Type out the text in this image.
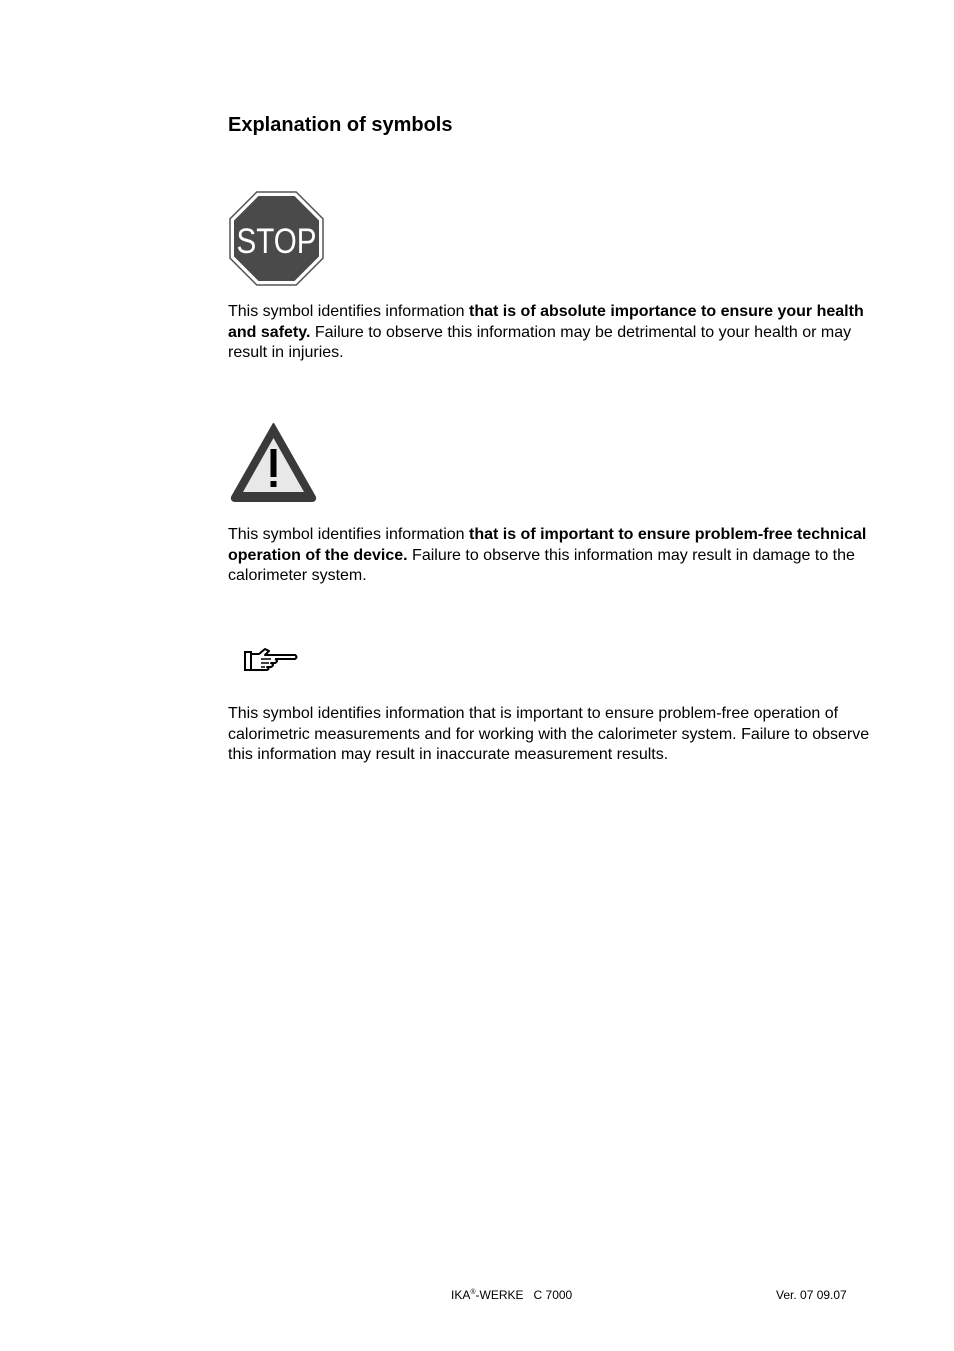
Explanation of symbols
STOP

This symbol identifies information that is of absolute importance to ensure your health and safety. Failure to observe this information may be detrimental to your health or may result in injuries.

This symbol identifies information that is of important to ensure problem-free technical operation of the device. Failure to observe this information may result in damage to the calorimeter system.

This symbol identifies information that is important to ensure problem-free operation of calorimetric measurements and for working with the calorimeter system. Failure to observe this information may result in inaccurate measurement results.

IKA®-WERKE   C 7000	Ver. 07 09.07
